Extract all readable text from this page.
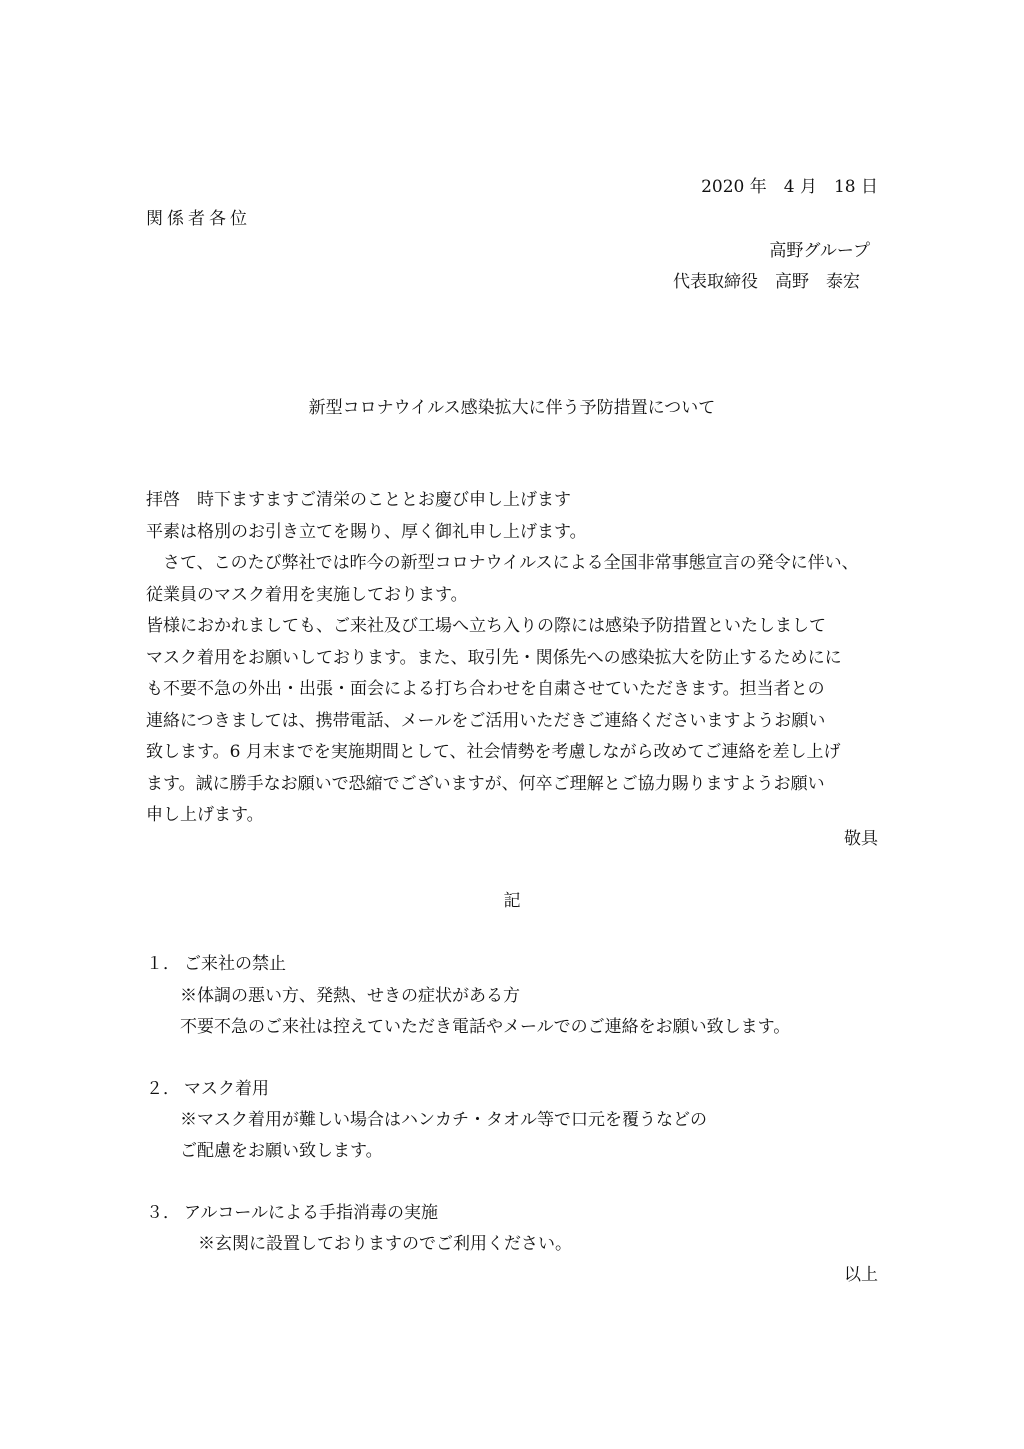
2020 年　4 月　18 日
関係者各位
高野グループ
代表取締役　高野　泰宏
新型コロナウイルス感染拡大に伴う予防措置について
拝啓　時下ますますご清栄のこととお慶び申し上げます
平素は格別のお引き立てを賜り、厚く御礼申し上げます。
　さて、このたび弊社では昨今の新型コロナウイルスによる全国非常事態宣言の発令に伴い、
従業員のマスク着用を実施しております。
皆様におかれましても、ご来社及び工場へ立ち入りの際には感染予防措置といたしまして
マスク着用をお願いしております。また、取引先・関係先への感染拡大を防止するためにに
も不要不急の外出・出張・面会による打ち合わせを自粛させていただきます。担当者との
連絡につきましては、携帯電話、メールをご活用いただきご連絡くださいますようお願い
致します。6 月末までを実施期間として、社会情勢を考慮しながら改めてご連絡を差し上げ
ます。誠に勝手なお願いで恐縮でございますが、何卒ご理解とご協力賜りますようお願い
申し上げます。
敬具
記
１． ご来社の禁止
※体調の悪い方、発熱、せきの症状がある方
不要不急のご来社は控えていただき電話やメールでのご連絡をお願い致します。
２． マスク着用
※マスク着用が難しい場合はハンカチ・タオル等で口元を覆うなどの
ご配慮をお願い致します。
３． アルコールによる手指消毒の実施
※玄関に設置しておりますのでご利用ください。
以上
